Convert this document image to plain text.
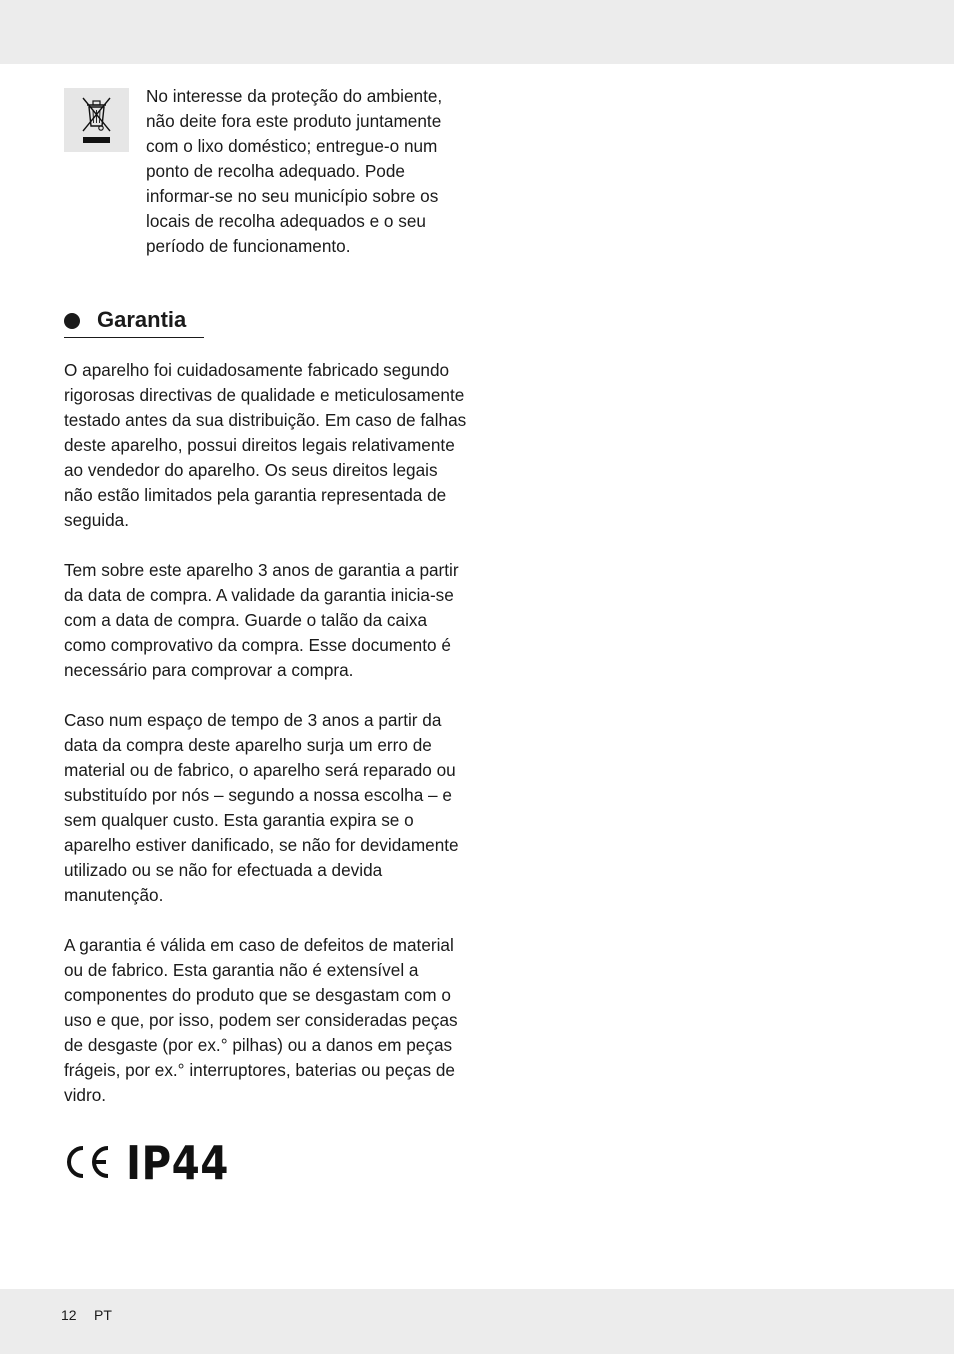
No interesse da proteção do ambiente, não deite fora este produto juntamente com o lixo doméstico; entregue-o num ponto de recolha adequado. Pode informar-se no seu município sobre os locais de recolha adequados e o seu período de funcionamento.

Garantia

O aparelho foi cuidadosamente fabricado segundo rigorosas directivas de qualidade e meticulosamente testado antes da sua distribuição. Em caso de falhas deste aparelho, possui direitos legais relativamente ao vendedor do aparelho. Os seus direitos legais não estão limitados pela garantia representada de seguida.

Tem sobre este aparelho 3 anos de garantia a partir da data de compra. A validade da garantia inicia-se com a data de compra. Guarde o talão da caixa como comprovativo da compra. Esse documento é necessário para comprovar a compra.

Caso num espaço de tempo de 3 anos a partir da data da compra deste aparelho surja um erro de material ou de fabrico, o aparelho será reparado ou substituído por nós – segundo a nossa escolha – e sem qualquer custo. Esta garantia expira se o aparelho estiver danificado, se não for devidamente utilizado ou se não for efectuada a devida manutenção.

A garantia é válida em caso de defeitos de material ou de fabrico. Esta garantia não é extensível a componentes do produto que se desgastam com o uso e que, por isso, podem ser consideradas peças de desgaste (por ex.° pilhas) ou a danos em peças frágeis, por ex.° interruptores, baterias ou peças de vidro.

IP44
12 PT
